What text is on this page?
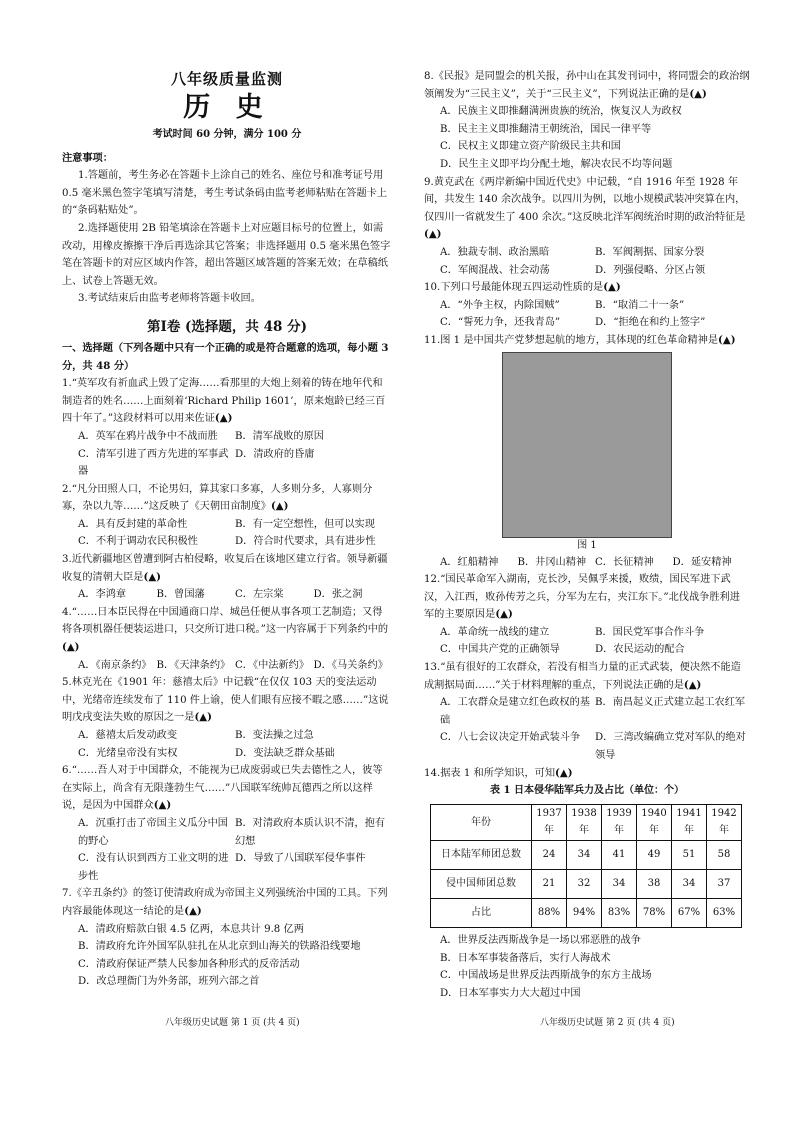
八年级质量监测
历 史
考试时间 60 分钟，满分 100 分
注意事项：

1.答题前，考生务必在答题卡上涂自己的姓名、座位号和准考证号用 0.5 毫米黑色签字笔填写清楚，考生考试条码由监考老师粘贴在答题卡上的“条码粘贴处”。

2.选择题使用 2B 铅笔填涂在答题卡上对应题目标号的位置上，如需改动，用橡皮擦擦干净后再选涂其它答案；非选择题用 0.5 毫米黑色签字笔在答题卡的对应区域内作答，超出答题区域答题的答案无效；在草稿纸上、试卷上答题无效。

3.考试结束后由监考老师将答题卡收回。

第Ⅰ卷 (选择题，共 48 分)

一、选择题（下列各题中只有一个正确的或是符合题意的选项，每小题 3 分，共 48 分）

1.“英军攻有祈血武上毁了定海……看那里的大炮上刻着的铸在地年代和制造者的姓名……上面刻着‘Richard Philip 1601’，原来炮龄已经三百四十年了。”这段材料可以用来佐证(▲)

A．英军在鸦片战争中不战而胜	B．清军战败的原因
C．清军引进了西方先进的军事武器
D．清政府的昏庸

2.“凡分田照人口，不论男妇，算其家口多寡，人多则分多，人寡则分寡，杂以九等……”这反映了《天朝田亩制度》(▲)

A．具有反封建的革命性	B．有一定空想性，但可以实现
C．不利于调动农民积极性	D．符合时代要求，具有进步性

3.近代新疆地区曾遭到阿古柏侵略，收复后在该地区建立行省。领导新疆收复的清朝大臣是(▲)

A．李鸿章	B．曾国藩	C．左宗棠	D．张之洞

4.“……日本臣民得在中国通商口岸、城邑任便从事各项工艺制造；又得将各项机器任便装运进口，只交所订进口税。”这一内容属于下列条约中的(▲)

A．《南京条约》 B．《天津条约》 C．《中法新约》 D．《马关条约》

5.林克光在《1901 年：慈禧太后》中记载“在仅仅 103 天的变法运动中，光绪帝连续发布了 110 件上谕，使人们眼有应接不暇之感……”这说明戊戌变法失败的原因之一是(▲)

A．慈禧太后发动政变	B．变法操之过急
C．光绪皇帝没有实权	D．变法缺乏群众基础

6.“……吾人对于中国群众，不能视为已成废弱或已失去德性之人，彼等在实际上，尚含有无限蓬勃生气……”八国联军统帅瓦德西之所以这样说，是因为中国群众(▲)

A．沉重打击了帝国主义瓜分中国的野心
B．对清政府本质认识不清，抱有幻想
C．没有认识到西方工业文明的进步性
D．导致了八国联军侵华事件

7.《辛丑条约》的签订使清政府成为帝国主义列强统治中国的工具。下列内容最能体现这一结论的是(▲)

A．清政府赔款白银 4.5 亿两，本息共计 9.8 亿两

B．清政府允许外国军队驻扎在从北京到山海关的铁路沿线要地

C．清政府保证严禁人民参加各种形式的反帝活动

D．改总理衙门为外务部，班列六部之首

8.《民报》是同盟会的机关报，孙中山在其发刊词中，将同盟会的政治纲领阐发为“三民主义”，关于“三民主义”，下列说法正确的是(▲)

A．民族主义即推翻满洲贵族的统治，恢复汉人为政权

B．民主主义即推翻清王朝统治，国民一律平等

C．民权主义即建立资产阶级民主共和国

D．民生主义即平均分配土地，解决农民不均等问题

9.黄克武在《两岸新编中国近代史》中记载，“自 1916 年至 1928 年间，共发生 140 余次战争。以四川为例，以地小规模武装冲突算在内，仅四川一省就发生了 400 余次。”这反映北洋军阀统治时期的政治特征是(▲)

A．独裁专制、政治黑暗	B．军阀割据、国家分裂
C．军阀混战、社会动荡	D．列强侵略、分区占领

10.下列口号最能体现五四运动性质的是(▲)

A．“外争主权，内除国贼”	B．“取消二十一条”
C．“誓死力争，还我青岛”	D．“拒绝在和约上签字”

11.图 1 是中国共产党梦想起航的地方，其体现的红色革命精神是(▲)

图 1
A．红船精神	B．井冈山精神 C．长征精神	D．延安精神

12.“国民革命军入湖南，克长沙，吴佩孚来援，败绩，国民军进下武汉，入江西，败孙传芳之兵，分军为左右，夹江东下。”北伐战争胜利进军的主要原因是(▲)

A．革命统一战线的建立	B．国民党军事合作斗争
C．中国共产党的正确领导	D．农民运动的配合

13.“虽有很好的工农群众，若没有相当力量的正式武装，便决然不能造成割据局面……”关于材料理解的重点，下列说法正确的是(▲)

A．工农群众是建立红色政权的基础
B．南昌起义正式建立起工农红军
C．八七会议决定开始武装斗争	D．三湾改编确立党对军队的绝对领导

14.据表 1 和所学知识，可知(▲)

表 1 日本侵华陆军兵力及占比（单位：个）
年份	1937 年	1938 年	1939 年	1940 年	1941 年	1942 年
日本陆军师团总数	24	34	41	49	51	58
侵中国师团总数	21	32	34	38	34	37
占比	88%	94%	83%	78%	67%	63%

A．世界反法西斯战争是一场以邪恶胜的战争

B．日本军事装备落后，实行人海战术

C．中国战场是世界反法西斯战争的东方主战场

D．日本军事实力大大超过中国

八年级历史试题 第 1 页 (共 4 页)	八年级历史试题 第 2 页 (共 4 页)
